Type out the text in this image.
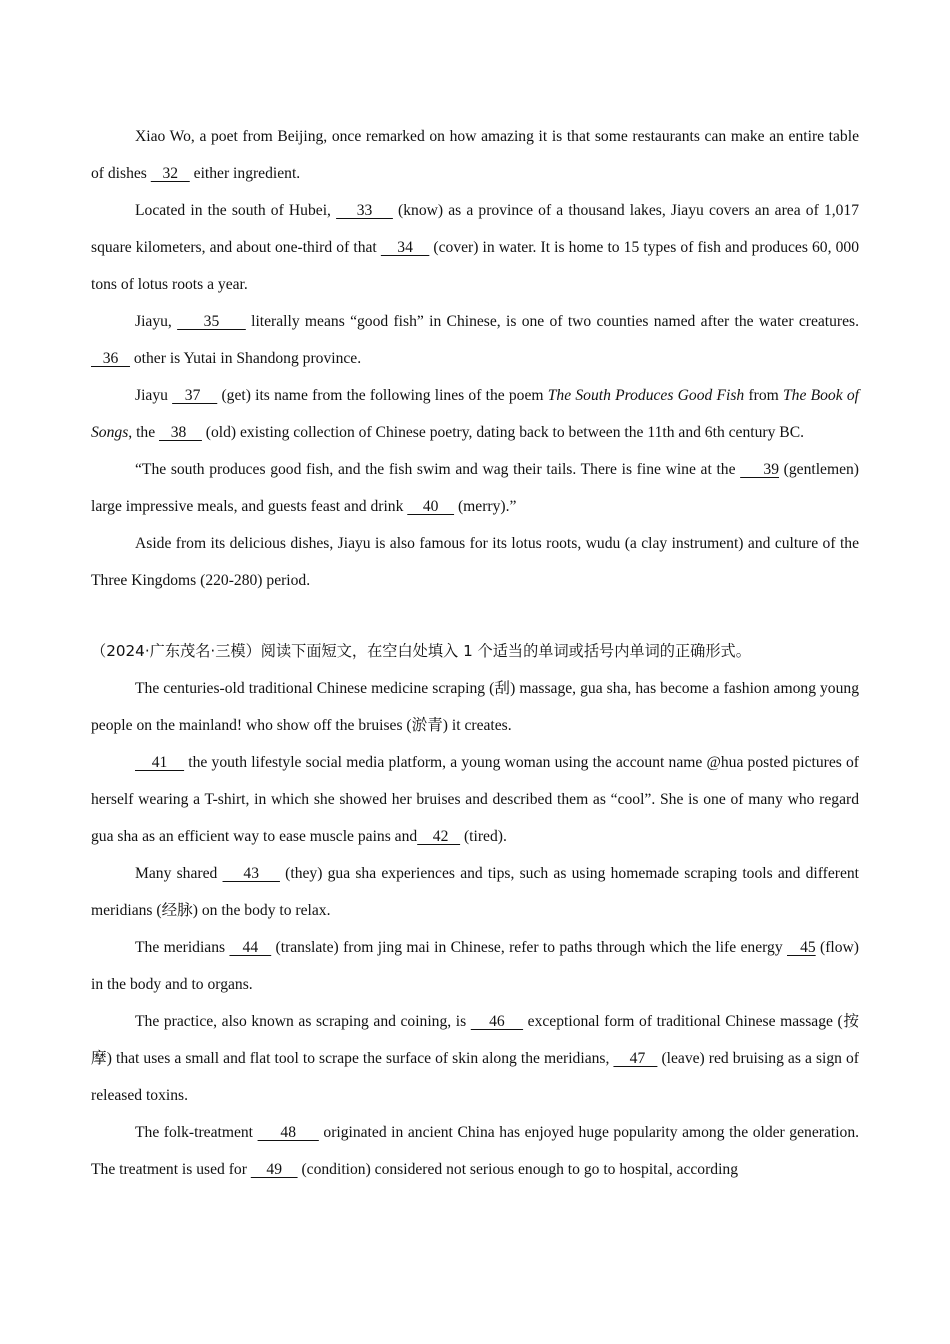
Xiao Wo, a poet from Beijing, once remarked on how amazing it is that some restaurants can make an entire table of dishes    32    either ingredient.

Located in the south of Hubei,     33     (know) as a province of a thousand lakes, Jiayu covers an area of 1,017 square kilometers, and about one-third of that     34     (cover) in water. It is home to 15 types of fish and produces 60, 000 tons of lotus roots a year.

Jiayu,      35      literally means “good fish” in Chinese, is one of two counties named after the water creatures.    36    other is Yutai in Shandong province.

Jiayu    37     (get) its name from the following lines of the poem The South Produces Good Fish from The Book of Songs, the    38     (old) existing collection of Chinese poetry, dating back to between the 11th and 6th century BC.

“The south produces good fish, and the fish swim and wag their tails. There is fine wine at the      39 (gentlemen) large impressive meals, and guests feast and drink     40     (merry).”

Aside from its delicious dishes, Jiayu is also famous for its lotus roots, wudu (a clay instrument) and culture of the Three Kingdoms (220-280) period.

（2024·广东茂名·三模）阅读下面短文，在空白处填入 1 个适当的单词或括号内单词的正确形式。

The centuries-old traditional Chinese medicine scraping (刮) massage, gua sha, has become a fashion among young people on the mainland! who show off the bruises (淤青) it creates.

41     the youth lifestyle social media platform, a young woman using the account name @hua posted pictures of herself wearing a T-shirt, in which she showed her bruises and described them as “cool”. She is one of many who regard gua sha as an efficient way to ease muscle pains and    42    (tired).

Many shared     43     (they) gua sha experiences and tips, such as using homemade scraping tools and different meridians (经脉) on the body to relax.

The meridians    44    (translate) from jing mai in Chinese, refer to paths through which the life energy    45 (flow) in the body and to organs.

The practice, also known as scraping and coining, is     46     exceptional form of traditional Chinese massage (按摩) that uses a small and flat tool to scrape the surface of skin along the meridians,     47    (leave) red bruising as a sign of released toxins.

The folk-treatment      48      originated in ancient China has enjoyed huge popularity among the older generation. The treatment is used for     49     (condition) considered not serious enough to go to hospital, according
